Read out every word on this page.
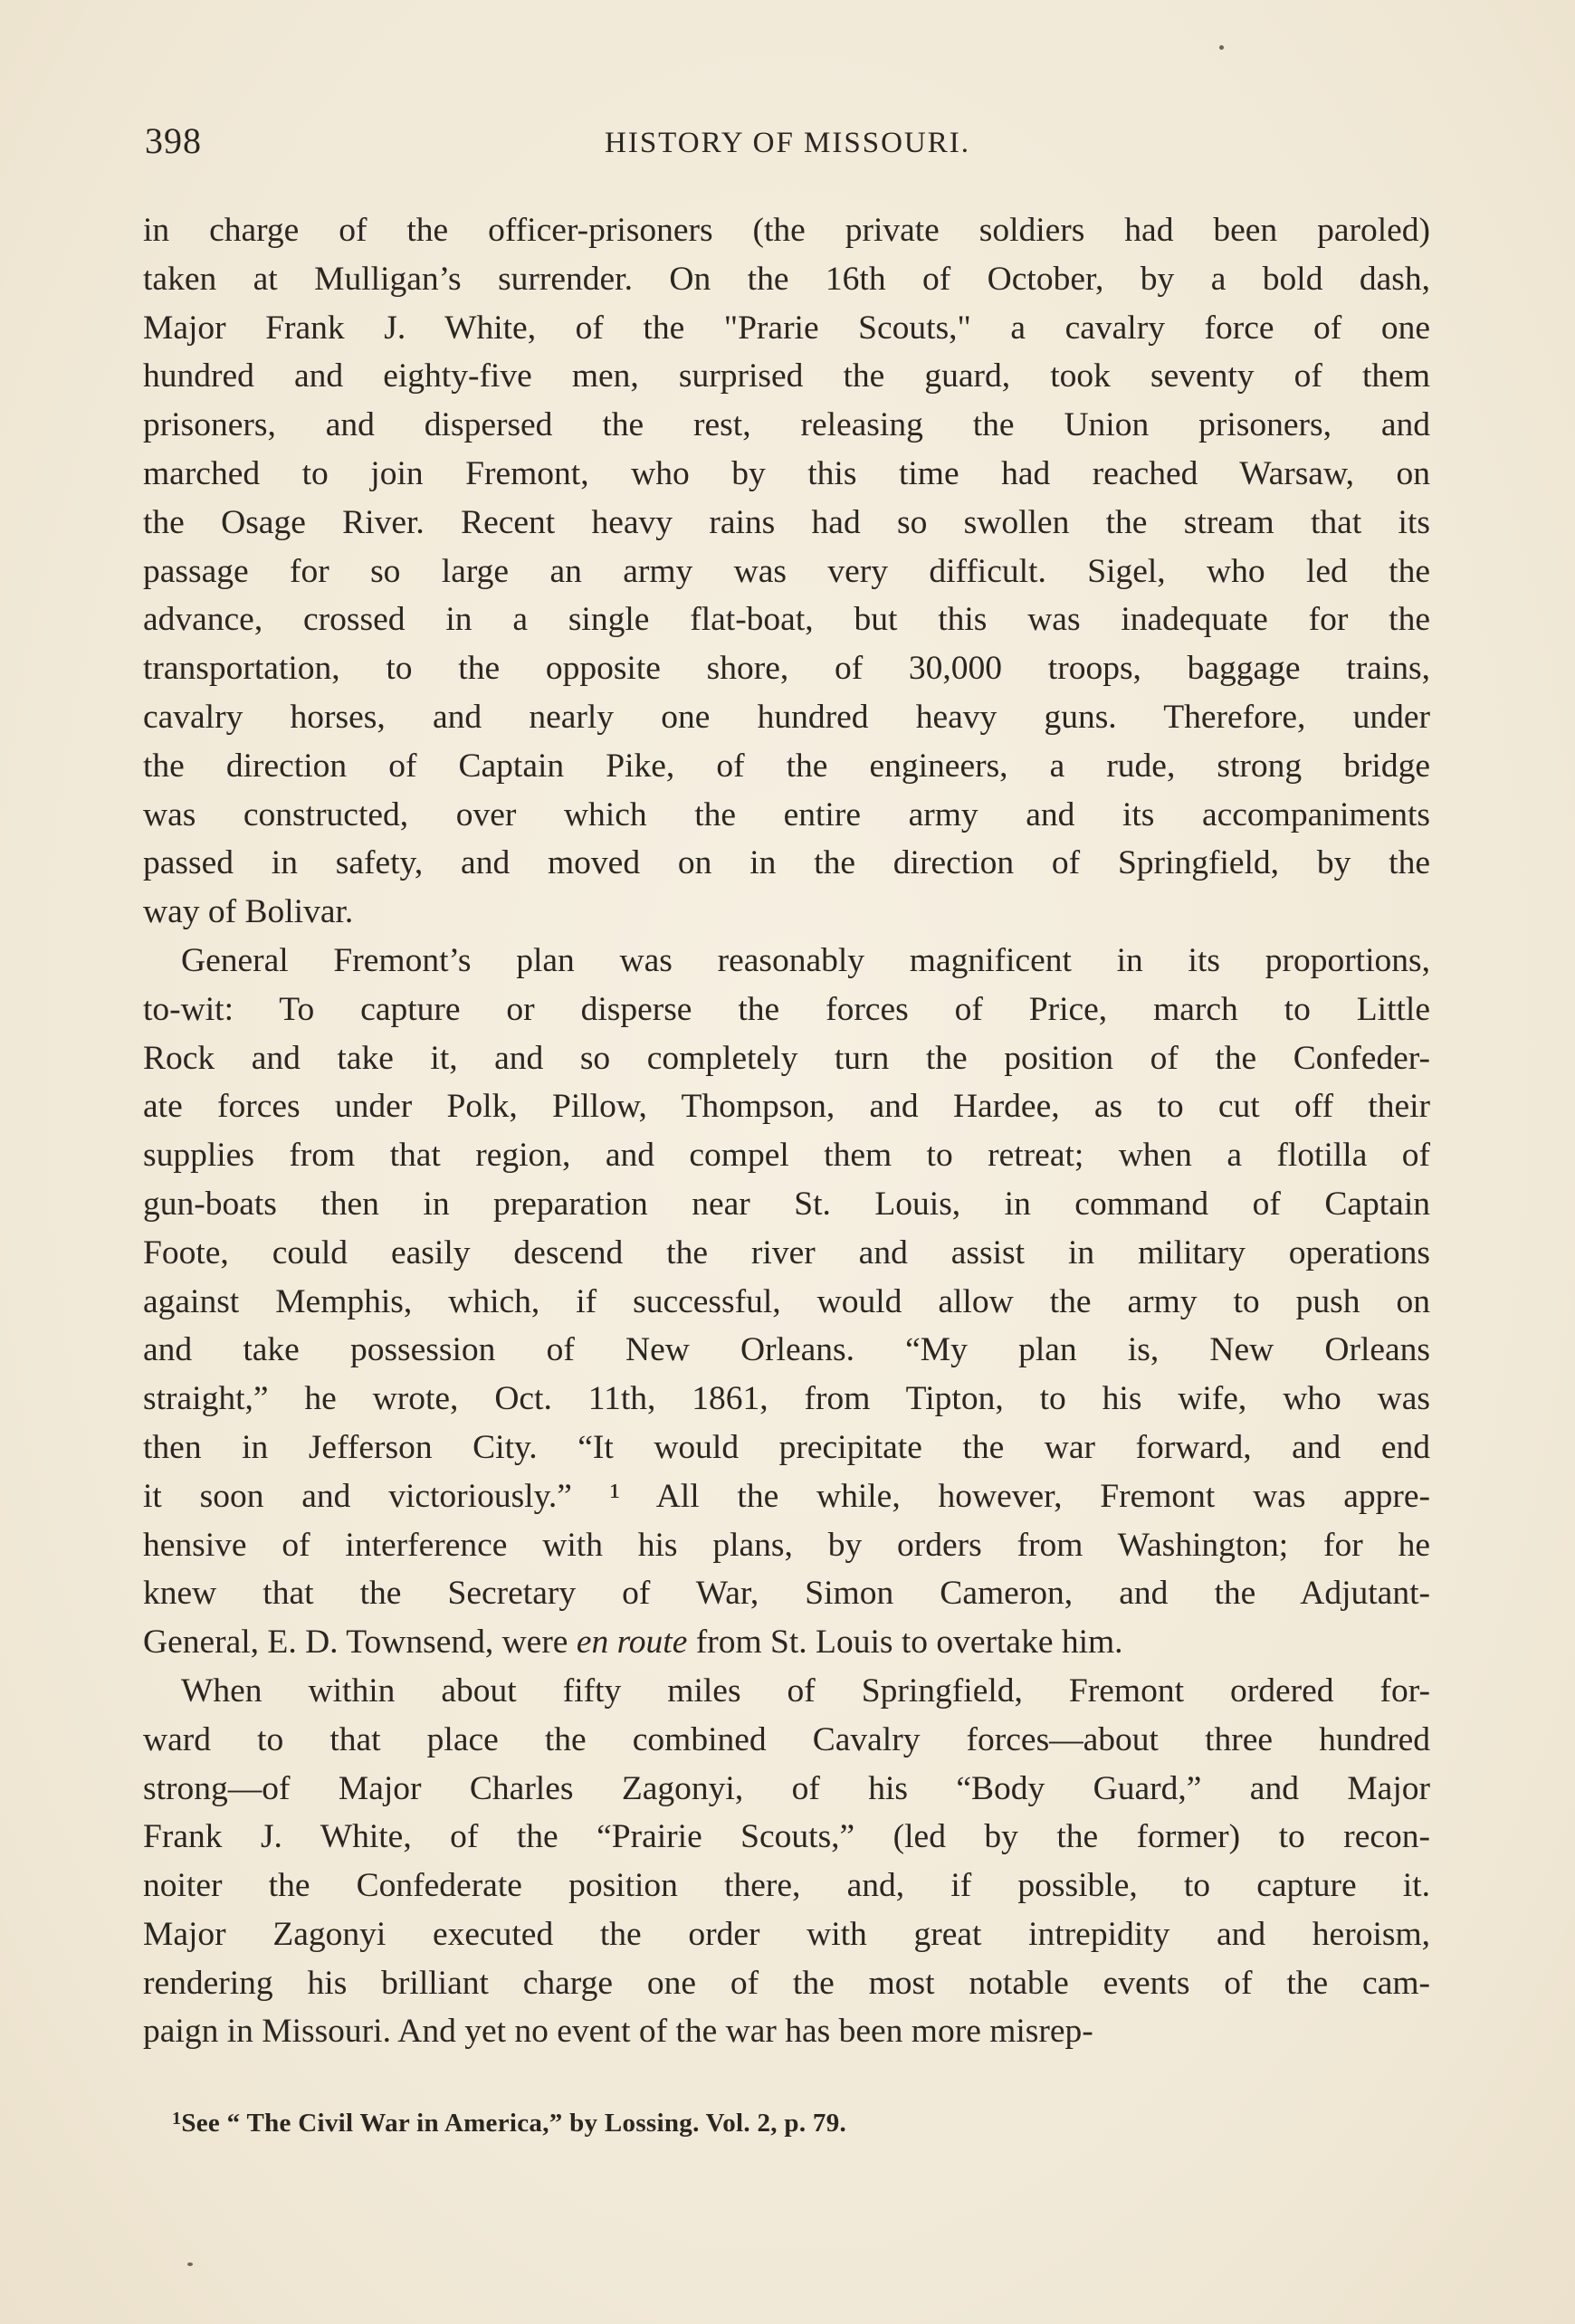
398	HISTORY OF MISSOURI.
in charge of the officer-prisoners (the private soldiers had been paroled)
taken at Mulligan’s surrender. On the 16th of October, by a bold dash,
Major Frank J. White, of the "Prarie Scouts," a cavalry force of one
hundred and eighty-five men, surprised the guard, took seventy of them
prisoners, and dispersed the rest, releasing the Union prisoners, and
marched to join Fremont, who by this time had reached Warsaw, on
the Osage River. Recent heavy rains had so swollen the stream that its
passage for so large an army was very difficult. Sigel, who led the
advance, crossed in a single flat-boat, but this was inadequate for the
transportation, to the opposite shore, of 30,000 troops, baggage trains,
cavalry horses, and nearly one hundred heavy guns. Therefore, under
the direction of Captain Pike, of the engineers, a rude, strong bridge
was constructed, over which the entire army and its accompaniments
passed in safety, and moved on in the direction of Springfield, by the
way of Bolivar.
General Fremont’s plan was reasonably magnificent in its proportions,
to-wit: To capture or disperse the forces of Price, march to Little
Rock and take it, and so completely turn the position of the Confeder-
ate forces under Polk, Pillow, Thompson, and Hardee, as to cut off their
supplies from that region, and compel them to retreat; when a flotilla of
gun-boats then in preparation near St. Louis, in command of Captain
Foote, could easily descend the river and assist in military operations
against Memphis, which, if successful, would allow the army to push on
and take possession of New Orleans. “My plan is, New Orleans
straight,” he wrote, Oct. 11th, 1861, from Tipton, to his wife, who was
then in Jefferson City. “It would precipitate the war forward, and end
it soon and victoriously.” ¹ All the while, however, Fremont was appre-
hensive of interference with his plans, by orders from Washington; for he
knew that the Secretary of War, Simon Cameron, and the Adjutant-
General, E. D. Townsend, were en route from St. Louis to overtake him.
When within about fifty miles of Springfield, Fremont ordered for-
ward to that place the combined Cavalry forces—about three hundred
strong—of Major Charles Zagonyi, of his “Body Guard,” and Major
Frank J. White, of the “Prairie Scouts,” (led by the former) to recon-
noiter the Confederate position there, and, if possible, to capture it.
Major Zagonyi executed the order with great intrepidity and heroism,
rendering his brilliant charge one of the most notable events of the cam-
paign in Missouri. And yet no event of the war has been more misrep-
$^1$See “ The Civil War in America,” by Lossing. Vol. 2, p. 79.
